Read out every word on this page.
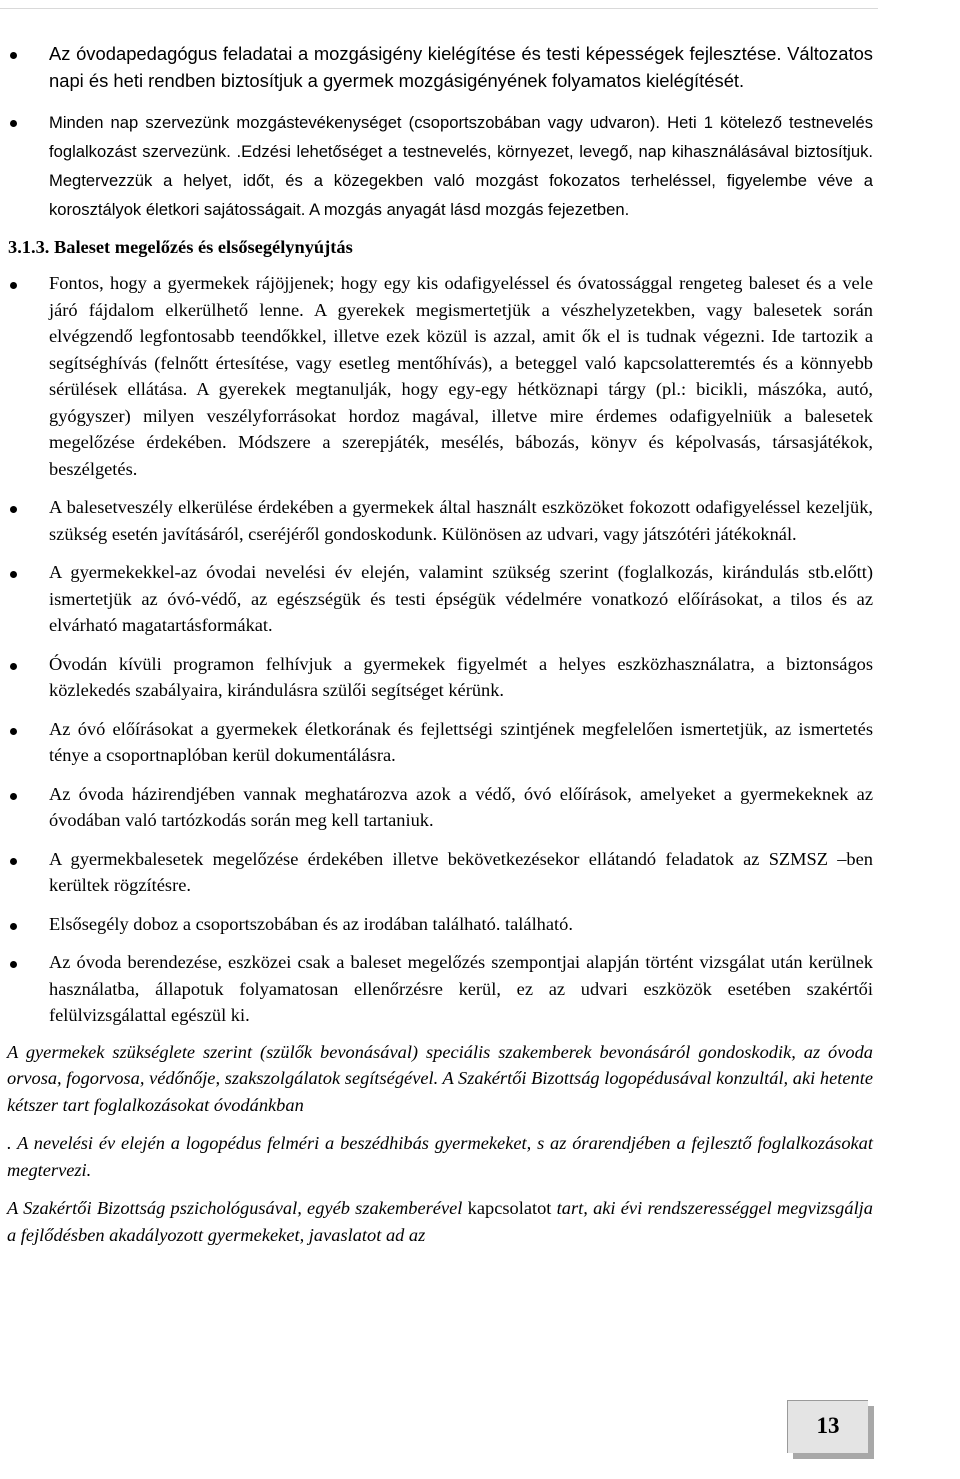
Az óvodapedagógus feladatai a mozgásigény kielégítése és testi képességek fejlesztése. Változatos napi és heti rendben biztosítjuk a gyermek mozgásigényének folyamatos kielégítését.
Minden nap szervezünk mozgástevékenységet (csoportszobában vagy udvaron). Heti 1 kötelező testnevelés foglalkozást szervezünk. .Edzési lehetőséget a testnevelés, környezet, levegő, nap kihasználásával biztosítjuk. Megtervezzük a helyet, időt, és a közegekben való mozgást fokozatos terheléssel, figyelembe véve a korosztályok életkori sajátosságait. A mozgás anyagát lásd mozgás fejezetben.
3.1.3. Baleset megelőzés és elsősegélynyújtás
Fontos, hogy a gyermekek rájöjjenek; hogy egy kis odafigyeléssel és óvatossággal rengeteg baleset és a vele járó fájdalom elkerülhető lenne. A gyerekek megismertetjük a vészhelyzetekben, vagy balesetek során elvégzendő legfontosabb teendőkkel, illetve ezek közül is azzal, amit ők el is tudnak végezni. Ide tartozik a segítséghívás (felnőtt értesítése, vagy esetleg mentőhívás), a beteggel való kapcsolatteremtés és a könnyebb sérülések ellátása. A gyerekek megtanulják, hogy egy-egy hétköznapi tárgy (pl.: bicikli, mászóka, autó, gyógyszer) milyen veszélyforrásokat hordoz magával, illetve mire érdemes odafigyelniük a balesetek megelőzése érdekében. Módszere a szerepjáték, mesélés, bábozás, könyv és képolvasás, társasjátékok, beszélgetés.
A balesetveszély elkerülése érdekében a gyermekek által használt eszközöket fokozott odafigyeléssel kezeljük, szükség esetén javításáról, cseréjéről gondoskodunk. Különösen az udvari, vagy játszótéri játékoknál.
A gyermekekkel-az óvodai nevelési év elején, valamint szükség szerint (foglalkozás, kirándulás stb.előtt) ismertetjük az óvó-védő, az egészségük és testi épségük védelmére vonatkozó előírásokat, a tilos és az elvárható magatartásformákat.
Óvodán kívüli programon felhívjuk a gyermekek figyelmét a helyes eszközhasználatra, a biztonságos közlekedés szabályaira, kirándulásra szülői segítséget kérünk.
Az óvó előírásokat a gyermekek életkorának és fejlettségi szintjének megfelelően ismertetjük, az ismertetés ténye a csoportnaplóban kerül dokumentálásra.
Az óvoda házirendjében vannak meghatározva azok a védő, óvó előírások, amelyeket a gyermekeknek az óvodában való tartózkodás során meg kell tartaniuk.
A gyermekbalesetek megelőzése érdekében illetve bekövetkezésekor ellátandó feladatok az SZMSZ –ben kerültek rögzítésre.
Elsősegély doboz a csoportszobában és az irodában található. található.
Az óvoda berendezése, eszközei csak a baleset megelőzés szempontjai alapján történt vizsgálat után kerülnek használatba, állapotuk folyamatosan ellenőrzésre kerül, ez az udvari eszközök esetében szakértői felülvizsgálattal egészül ki.

A gyermekek szükséglete szerint (szülők bevonásával) speciális szakemberek bevonásáról gondoskodik, az óvoda orvosa, fogorvosa, védőnője, szakszolgálatok segítségével. A Szakértői Bizottság logopédusával konzultál, aki hetente kétszer tart foglalkozásokat óvodánkban

. A nevelési év elején a logopédus felméri a beszédhibás gyermekeket, s az órarendjében a fejlesztő foglalkozásokat megtervezi.

A Szakértői Bizottság pszichológusával, egyéb szakemberével kapcsolatot tart, aki évi rendszerességgel megvizsgálja a fejlődésben akadályozott gyermekeket, javaslatot ad az

13
